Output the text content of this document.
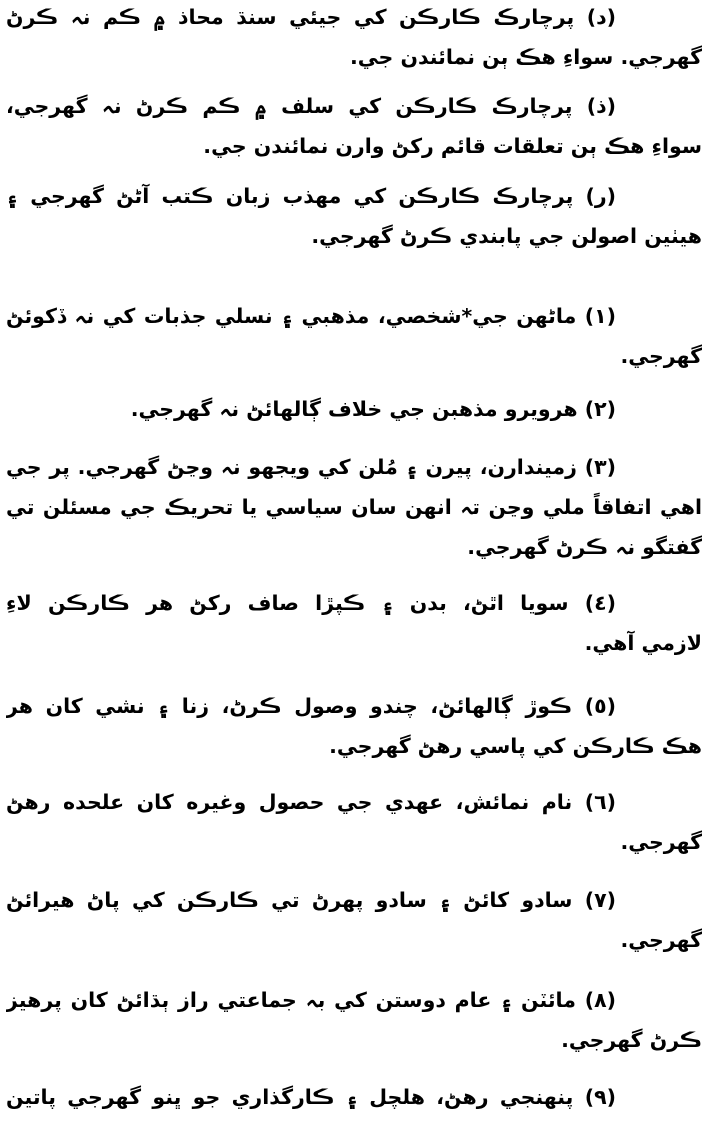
(د) پرچارڪ ڪارڪن کي جيئي سنڌ محاذ ۾ ڪم نہ ڪرڻ
گهرجي. سواءِ هڪ ٻن نمائندن جي.
(ذ) پرچارڪ ڪارڪن کي سلف ۾ ڪم ڪرڻ نہ گهرجي،
سواءِ هڪ ٻن تعلقات قائم رکڻ وارن نمائندن جي.
(ر) پرچارڪ ڪارڪن کي مهذب زبان ڪتب آڻڻ گهرجي ۽
هيٺين اصولن جي پابندي ڪرڻ گهرجي.
(١) ماڻهن جي*شخصي، مذهبي ۽ نسلي جذبات کي نہ ڏکوئڻ
گهرجي.
(٢) هرويرو مذهبن جي خلاف ڳالهائڻ نہ گهرجي.
(٣) زميندارن، پيرن ۽ مُلن کي ويجهو نہ وڃڻ گهرجي. پر جي
اهي اتفاقاً ملي وڃن تہ انهن سان سياسي يا تحريڪ جي مسئلن تي
گفتگو نہ ڪرڻ گهرجي.
(٤) سويا اٿڻ، بدن ۽ ڪپڙا صاف رکڻ هر ڪارڪن لاءِ
لازمي آهي.
(٥) ڪوڙ ڳالهائڻ، چندو وصول ڪرڻ، زنا ۽ نشي کان هر
هڪ ڪارڪن کي پاسي رهڻ گهرجي.
(٦) نام نمائش، عهدي جي حصول وغيره کان علحده رهڻ
گهرجي.
(٧) سادو کائڻ ۽ سادو پهرڻ تي ڪارڪن کي پاڻ هيرائڻ
گهرجي.
(٨) مائٽن ۽ عام دوستن کي بہ جماعتي راز ٻڌائڻ کان پرهيز
ڪرڻ گهرجي.
(٩) پنهنجي رهڻ، هلچل ۽ ڪارگذاري جو ڀنو گهرجي پاتين
